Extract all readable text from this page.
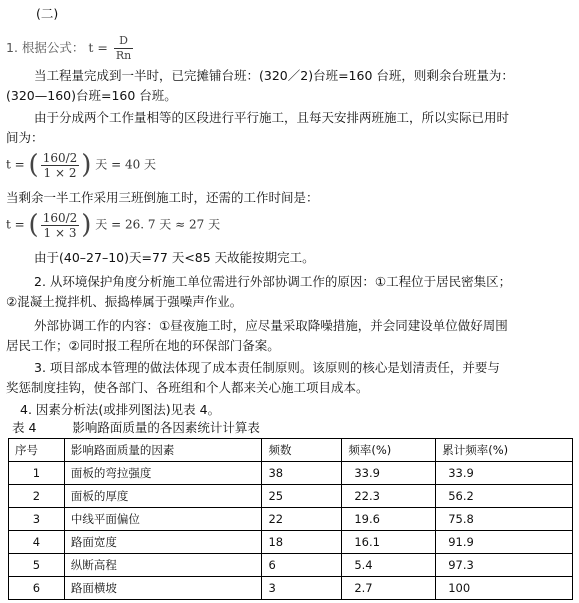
(二)
1. 根据公式： $t = \frac{D}{Rn}$
当工程量完成到一半时，已完摊铺台班：(320／2)台班=160 台班，则剩余台班量为：
(320—160)台班=160 台班。
由于分成两个工作量相等的区段进行平行施工，且每天安排两班施工，所以实际已用时
间为：
t = ( $\frac{160/2}{1 \times 2}$ ) 天 = 40 天
当剩余一半工作采用三班倒施工时，还需的工作时间是：
t = ( $\frac{160/2}{1 \times 3}$ ) 天 = 26. 7 天 ≈ 27 天
由于(40–27–10)天=77 天<85 天故能按期完工。
2. 从环境保护角度分析施工单位需进行外部协调工作的原因：①工程位于居民密集区；
②混凝土搅拌机、振捣棒属于强噪声作业。
外部协调工作的内容：①昼夜施工时，应尽量采取降噪措施，并会同建设单位做好周围
居民工作；②同时报工程所在地的环保部门备案。
3. 项目部成本管理的做法体现了成本责任制原则。该原则的核心是划清责任，并要与
奖惩制度挂钩，使各部门、各班组和个人都来关心施工项目成本。
4. 因素分析法(或排列图法)见表 4。
表 4	影响路面质量的各因素统计计算表
序号	影响路面质量的因素	频数	频率(%)	累计频率(%)
1	面板的弯拉强度	38	33.9	33.9
2	面板的厚度	25	22.3	56.2
3	中线平面偏位	22	19.6	75.8
4	路面宽度	18	16.1	91.9
5	纵断高程	6	5.4	97.3
6	路面横坡	3	2.7	100
